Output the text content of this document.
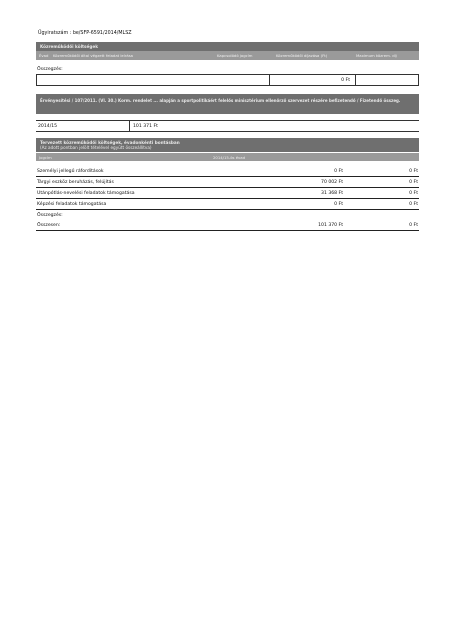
Ügyiratszám : be/SFP-6591/2014/MLSZ
Közreműködői költségek
Évad Közreműködői által végzett feladat leírása	Kapcsolódó jogcím	Közreműködői díjazása (Ft)	Maximum közrem. díj
Összegzés:
0 Ft
Érvényesítési / 107/2011. (VI. 30.) Korm. rendelet ... alapján a sportpolitikáért felelős minisztérium ellenőrző szervezet részére befizetendő / Fizetendő összeg.
2014/15	101 371 Ft
Tervezett közreműködői költségek, évadonkénti bontásban
(Az adott pontban jelölt tételével együtt összeállítva)
Jogcím	2014/15-ös évad
Személyi jellegű ráfordítások	0 Ft	0 Ft
Tárgyi eszköz beruházás, felújítás	70 002 Ft	0 Ft
Utánpótlás-nevelési feladatok támogatása	31 368 Ft	0 Ft
Képzési feladatok támogatása	0 Ft	0 Ft
Összegzés:
Összesen:	101 370 Ft	0 Ft
